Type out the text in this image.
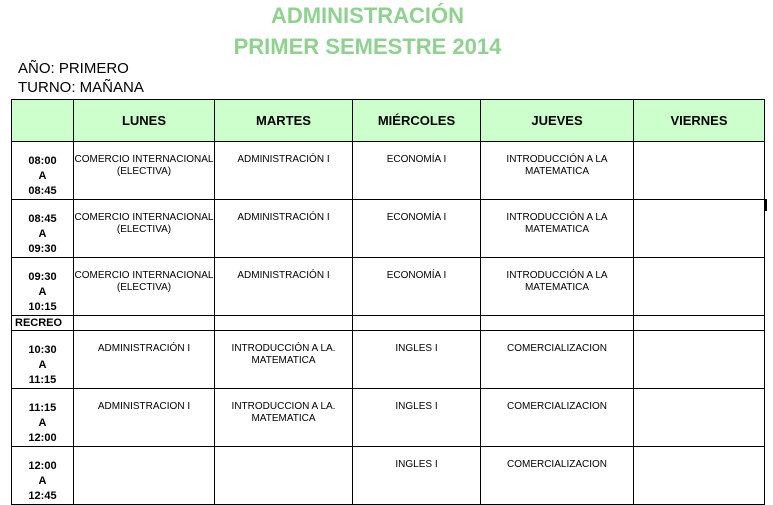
ADMINISTRACIÓN
PRIMER SEMESTRE 2014
AÑO: PRIMERO
TURNO: MAÑANA
	LUNES	MARTES	MIÉRCOLES	JUEVES	VIERNES
08:00
A
08:45	COMERCIO INTERNACIONAL (ELECTIVA)	ADMINISTRACIÓN I	ECONOMÍA I	INTRODUCCIÓN A LA MATEMATICA	
08:45
A
09:30	COMERCIO INTERNACIONAL (ELECTIVA)	ADMINISTRACIÓN I	ECONOMÍA I	INTRODUCCIÓN A LA MATEMATICA	
09:30
A
10:15	COMERCIO INTERNACIONAL (ELECTIVA)	ADMINISTRACIÓN I	ECONOMÍA I	INTRODUCCIÓN A LA MATEMATICA	
RECREO					
10:30
A
11:15	ADMINISTRACIÓN I	INTRODUCCIÓN A LA. MATEMATICA	INGLES I	COMERCIALIZACION	
11:15
A
12:00	ADMINISTRACION I	INTRODUCCION A LA. MATEMATICA	INGLES I	COMERCIALIZACION	
12:00
A
12:45			INGLES I	COMERCIALIZACION	
